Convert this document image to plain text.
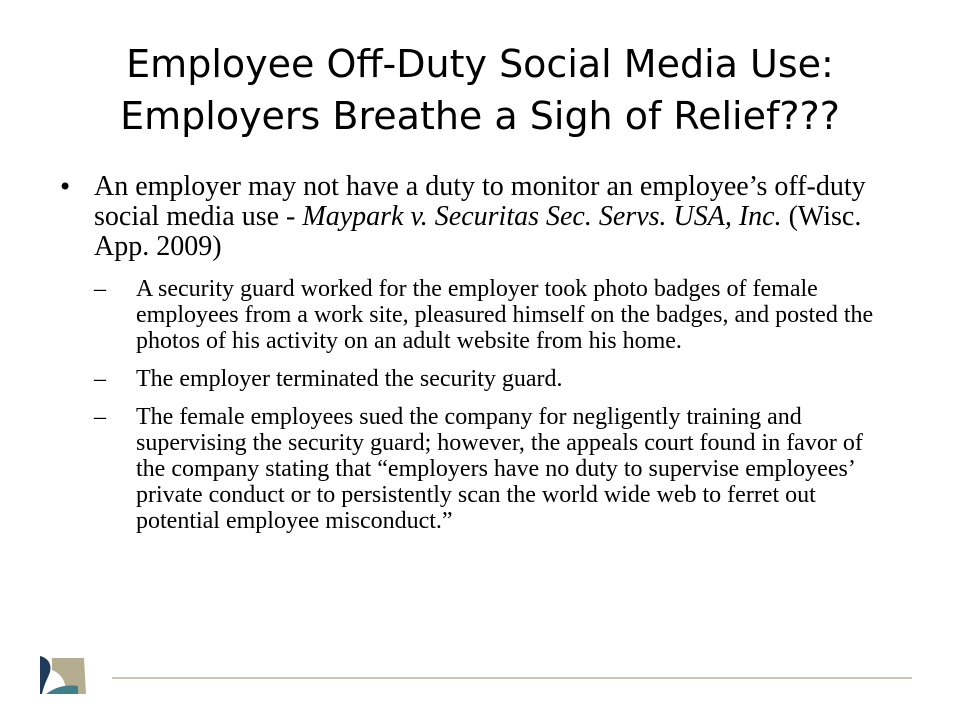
Employee Off-Duty Social Media Use:
Employers Breathe a Sigh of Relief???
• An employer may not have a duty to monitor an employee’s off-duty social media use - Maypark v. Securitas Sec. Servs. USA, Inc. (Wisc. App. 2009)
–	A security guard worked for the employer took photo badges of female employees from a work site, pleasured himself on the badges, and posted the photos of his activity on an adult website from his home.
–	The employer terminated the security guard.
–	The female employees sued the company for negligently training and supervising the security guard; however, the appeals court found in favor of the company stating that “employers have no duty to supervise employees’ private conduct or to persistently scan the world wide web to ferret out potential employee misconduct.”
